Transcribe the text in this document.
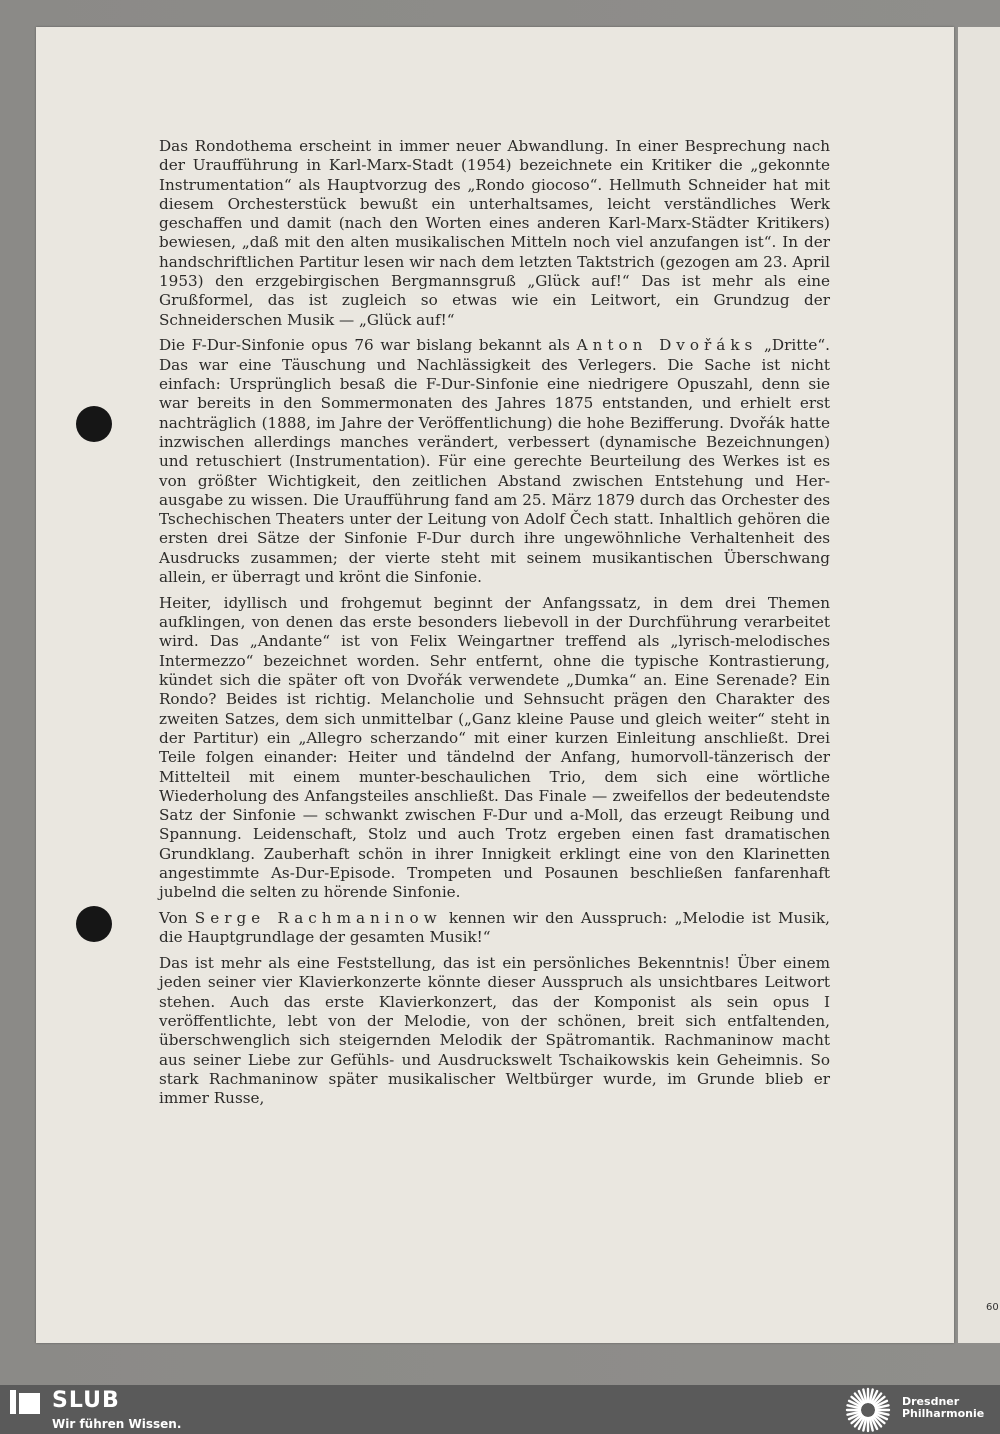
60

Das Rondothema erscheint in immer neuer Abwandlung. In einer Besprechung nach der Uraufführung in Karl-Marx-Stadt (1954) bezeichnete ein Kritiker die „gekonnte Instrumentation“ als Hauptvorzug des „Rondo giocoso“. Hellmuth Schneider hat mit diesem Orchesterstück bewußt ein unterhaltsames, leicht verständliches Werk geschaffen und damit (nach den Worten eines anderen Karl-Marx-Städter Kritikers) bewiesen, „daß mit den alten musikalischen Mitteln noch viel anzufangen ist“. In der handschriftlichen Partitur lesen wir nach dem letzten Taktstrich (gezogen am 23. April 1953) den erzgebirgischen Bergmannsgruß „Glück auf!“ Das ist mehr als eine Grußformel, das ist zugleich so etwas wie ein Leitwort, ein Grundzug der Schneiderschen Musik — „Glück auf!“

Die F-Dur-Sinfonie opus 76 war bislang bekannt als Anton Dvořáks „Dritte“. Das war eine Täuschung und Nachlässigkeit des Verlegers. Die Sache ist nicht einfach: Ursprünglich besaß die F-Dur-Sinfonie eine niedrigere Opuszahl, denn sie war bereits in den Sommermonaten des Jahres 1875 entstanden, und erhielt erst nachträglich (1888, im Jahre der Veröffentlichung) die hohe Bezifferung. Dvořák hatte inzwischen allerdings manches verändert, verbessert (dynamische Bezeichnungen) und retuschiert (Instrumentation). Für eine gerechte Beurteilung des Werkes ist es von größter Wichtigkeit, den zeitlichen Abstand zwischen Entstehung und Herausgabe zu wissen. Die Uraufführung fand am 25. März 1879 durch das Orchester des Tschechischen Theaters unter der Leitung von Adolf Čech statt. Inhaltlich gehören die ersten drei Sätze der Sinfonie F-Dur durch ihre ungewöhnliche Verhaltenheit des Ausdrucks zusammen; der vierte steht mit seinem musikantischen Überschwang allein, er überragt und krönt die Sinfonie.

Heiter, idyllisch und frohgemut beginnt der Anfangssatz, in dem drei Themen aufklingen, von denen das erste besonders liebevoll in der Durchführung verarbeitet wird. Das „Andante“ ist von Felix Weingartner treffend als „lyrisch-melodisches Intermezzo“ bezeichnet worden. Sehr entfernt, ohne die typische Kontrastierung, kündet sich die später oft von Dvořák verwendete „Dumka“ an. Eine Serenade? Ein Rondo? Beides ist richtig. Melancholie und Sehnsucht prägen den Charakter des zweiten Satzes, dem sich unmittelbar („Ganz kleine Pause und gleich weiter“ steht in der Partitur) ein „Allegro scherzando“ mit einer kurzen Einleitung anschließt. Drei Teile folgen einander: Heiter und tändelnd der Anfang, humorvoll-tänzerisch der Mittelteil mit einem munter-beschaulichen Trio, dem sich eine wörtliche Wiederholung des Anfangsteiles anschließt. Das Finale — zweifellos der bedeutendste Satz der Sinfonie — schwankt zwischen F-Dur und a-Moll, das erzeugt Reibung und Spannung. Leidenschaft, Stolz und auch Trotz ergeben einen fast dramatischen Grundklang. Zauberhaft schön in ihrer Innigkeit erklingt eine von den Klarinetten angestimmte As-Dur-Episode. Trompeten und Posaunen beschließen fanfarenhaft jubelnd die selten zu hörende Sinfonie.

Von Serge Rachmaninow kennen wir den Ausspruch: „Melodie ist Musik, die Hauptgrundlage der gesamten Musik!“

Das ist mehr als eine Feststellung, das ist ein persönliches Bekenntnis! Über einem jeden seiner vier Klavierkonzerte könnte dieser Ausspruch als unsichtbares Leitwort stehen. Auch das erste Klavierkonzert, das der Komponist als sein opus I veröffentlichte, lebt von der Melodie, von der schönen, breit sich entfaltenden, überschwenglich sich steigernden Melodik der Spätromantik. Rachmaninow macht aus seiner Liebe zur Gefühls- und Ausdruckswelt Tschaikowskis kein Geheimnis. So stark Rachmaninow später musikalischer Weltbürger wurde, im Grunde blieb er immer Russe,

SLUB
Wir führen Wissen.
Dresdner
Philharmonie
